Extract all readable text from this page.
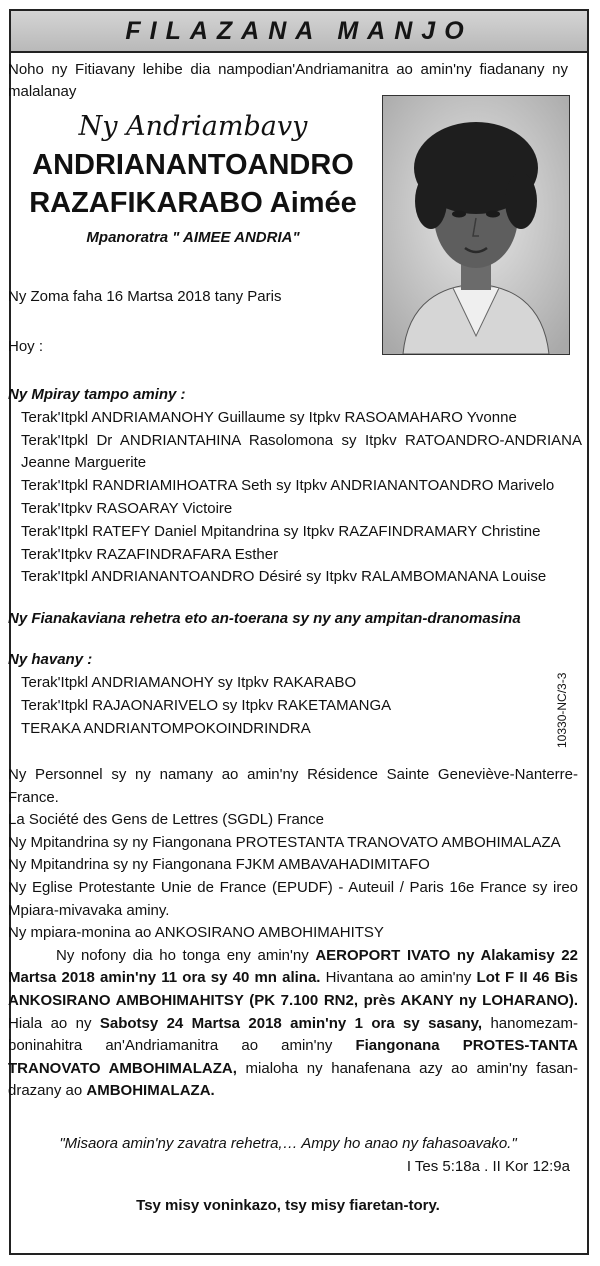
FILAZANA MANJO

Noho ny Fitiavany lehibe dia nampodian'Andriamanitra ao amin'ny fiadanany ny malalanay

Ny Andriambavy
ANDRIANANTOANDRO
RAZAFIKARABO Aimée
Mpanoratra " AIMEE ANDRIA"

Ny Zoma faha 16 Martsa 2018 tany Paris

Hoy :

Ny Mpiray tampo aminy :

Terak'Itpkl ANDRIAMANOHY Guillaume sy Itpkv RASOAMAHARO Yvonne

Terak'Itpkl Dr ANDRIANTAHINA Rasolomona sy Itpkv RATOANDRO-ANDRIANA Jeanne Marguerite

Terak'Itpkl RANDRIAMIHOATRA Seth sy Itpkv ANDRIANANTOANDRO Marivelo

Terak'Itpkv RASOARAY Victoire

Terak'Itpkl RATEFY Daniel Mpitandrina sy Itpkv RAZAFINDRAMARY Christine

Terak'Itpkv RAZAFINDRAFARA Esther

Terak'Itpkl ANDRIANANTOANDRO Désiré sy Itpkv RALAMBOMANANA Louise

Ny Fianakaviana rehetra eto an-toerana sy ny any ampitan-dranomasina

Ny havany :

Terak'Itpkl ANDRIAMANOHY sy Itpkv RAKARABO

Terak'Itpkl RAJAONARIVELO sy Itpkv RAKETAMANGA

TERAKA ANDRIANTOMPOKOINDRINDRA	10330-NC/3-3

Ny Personnel sy ny namany ao amin'ny Résidence Sainte Geneviève-Nanterre-France.

La Société des Gens de Lettres (SGDL) France

Ny Mpitandrina sy ny Fiangonana PROTESTANTA TRANOVATO AMBOHIMALAZA

Ny Mpitandrina sy ny Fiangonana FJKM AMBAVAHADIMITAFO

Ny Eglise Protestante Unie de France (EPUDF) - Auteuil / Paris 16e France sy ireo Mpiara-mivavaka aminy.

Ny mpiara-monina ao ANKOSIRANO AMBOHIMAHITSY

Ny nofony dia ho tonga eny amin'ny AEROPORT IVATO ny Alakamisy 22 Martsa 2018 amin'ny 11 ora sy 40 mn alina. Hivantana ao amin'ny Lot F II 46 Bis ANKOSIRANO AMBOHIMAHITSY (PK 7.100 RN2, près AKANY ny LOHARANO). Hiala ao ny Sabotsy 24 Martsa 2018 amin'ny 1 ora sy sasany, hanomezam-boninahitra an'Andriamanitra ao amin'ny Fiangonana PROTES-TANTA TRANOVATO AMBOHIMALAZA, mialoha ny hanafenana azy ao amin'ny fasan-drazany ao AMBOHIMALAZA.

"Misaora amin'ny zavatra rehetra,… Ampy ho anao ny fahasoavako."
I Tes 5:18a . II Kor 12:9a
Tsy misy voninkazo, tsy misy fiaretan-tory.
